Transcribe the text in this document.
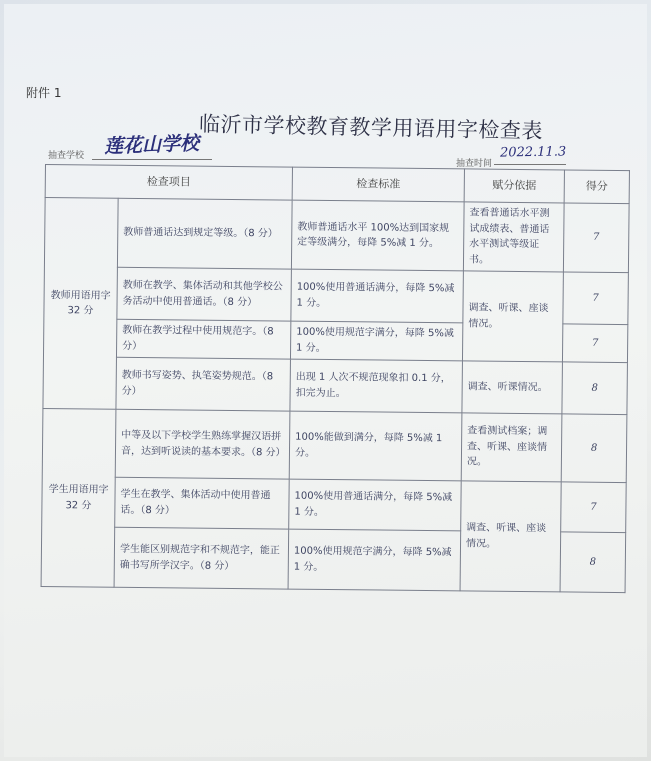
附件 1
临沂市学校教育教学用语用字检查表
抽查学校 莲花山学校
抽查时间
2022.11.3
检查项目		检查标准	赋分依据	得分
教师用语用字
32 分	教师普通话达到规定等级。（8 分）	教师普通话水平 100%达到国家规定等级满分，每降 5%减 1 分。	查看普通话水平测试成绩表、普通话水平测试等级证书。	7
	教师在教学、集体活动和其他学校公务活动中使用普通话。（8 分）	100%使用普通话满分，每降 5%减 1 分。	调查、听课、座谈情况。	7
	教师在教学过程中使用规范字。（8 分）	100%使用规范字满分，每降 5%减 1 分。		7
	教师书写姿势、执笔姿势规范。（8 分）	出现 1 人次不规范现象扣 0.1 分，扣完为止。	调查、听课情况。	8
学生用语用字
32 分	中等及以下学校学生熟练掌握汉语拼音，达到听说读的基本要求。（8 分）	100%能做到满分，每降 5%减 1 分。	查看测试档案；调查、听课、座谈情况。	8
	学生在教学、集体活动中使用普通话。（8 分）	100%使用普通话满分，每降 5%减 1 分。	调查、听课、座谈情况。	7
	学生能区别规范字和不规范字，能正确书写所学汉字。（8 分）	100%使用规范字满分，每降 5%减 1 分。		8
